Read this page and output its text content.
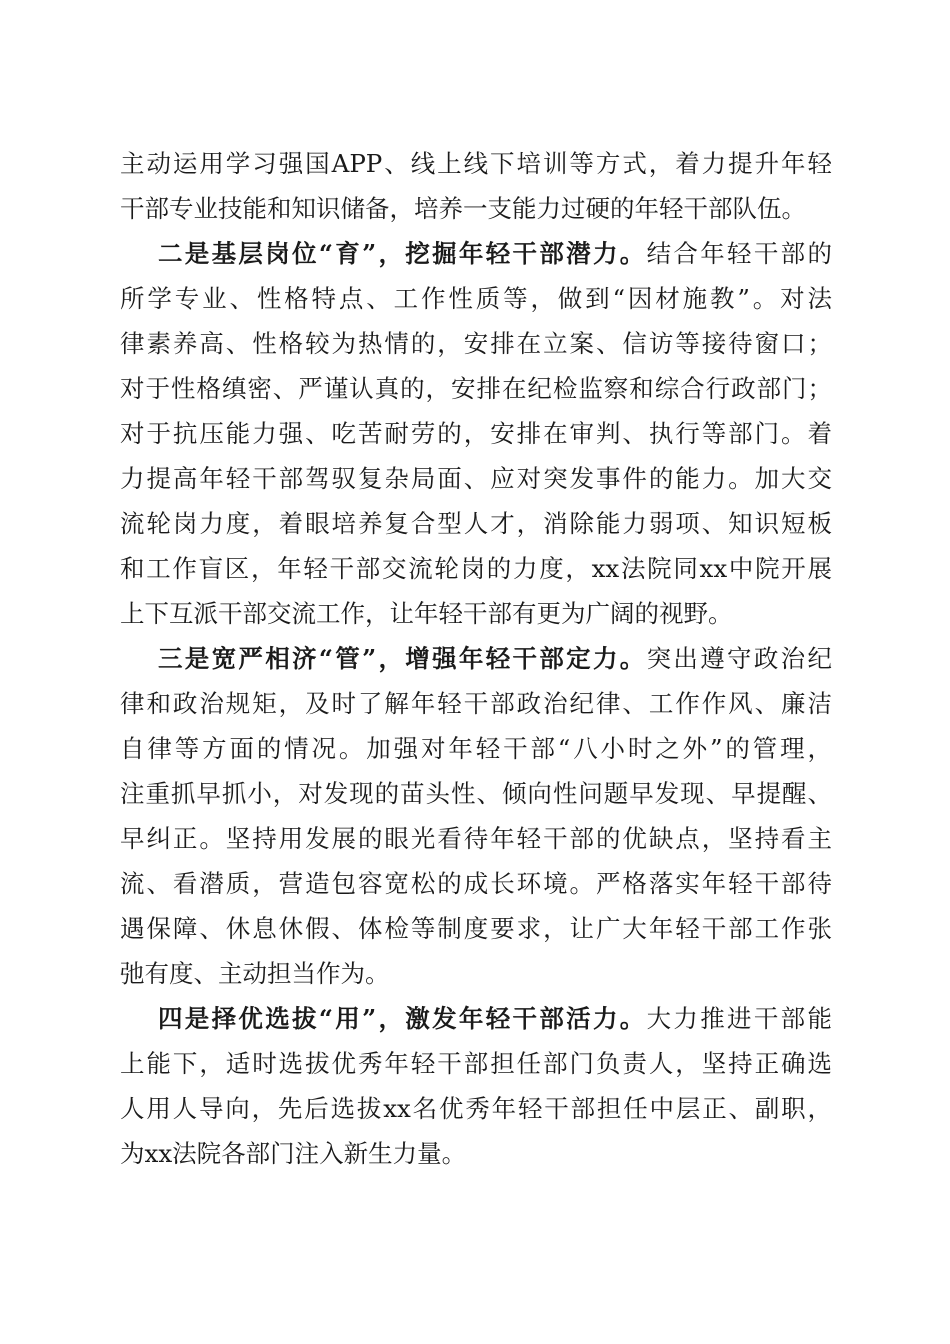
主动运用学习强国APP、线上线下培训等方式，着力提升年轻
干部专业技能和知识储备，培养一支能力过硬的年轻干部队伍。
二是基层岗位“育”，挖掘年轻干部潜力。结合年轻干部的
所学专业、性格特点、工作性质等，做到“因材施教”。对法
律素养高、性格较为热情的，安排在立案、信访等接待窗口；
对于性格缜密、严谨认真的，安排在纪检监察和综合行政部门；
对于抗压能力强、吃苦耐劳的，安排在审判、执行等部门。着
力提高年轻干部驾驭复杂局面、应对突发事件的能力。加大交
流轮岗力度，着眼培养复合型人才，消除能力弱项、知识短板
和工作盲区，年轻干部交流轮岗的力度，xx法院同xx中院开展
上下互派干部交流工作，让年轻干部有更为广阔的视野。
三是宽严相济“管”，增强年轻干部定力。突出遵守政治纪
律和政治规矩，及时了解年轻干部政治纪律、工作作风、廉洁
自律等方面的情况。加强对年轻干部“八小时之外”的管理，
注重抓早抓小，对发现的苗头性、倾向性问题早发现、早提醒、
早纠正。坚持用发展的眼光看待年轻干部的优缺点，坚持看主
流、看潜质，营造包容宽松的成长环境。严格落实年轻干部待
遇保障、休息休假、体检等制度要求，让广大年轻干部工作张
弛有度、主动担当作为。
四是择优选拔“用”，激发年轻干部活力。大力推进干部能
上能下，适时选拔优秀年轻干部担任部门负责人，坚持正确选
人用人导向，先后选拔xx名优秀年轻干部担任中层正、副职，
为xx法院各部门注入新生力量。
